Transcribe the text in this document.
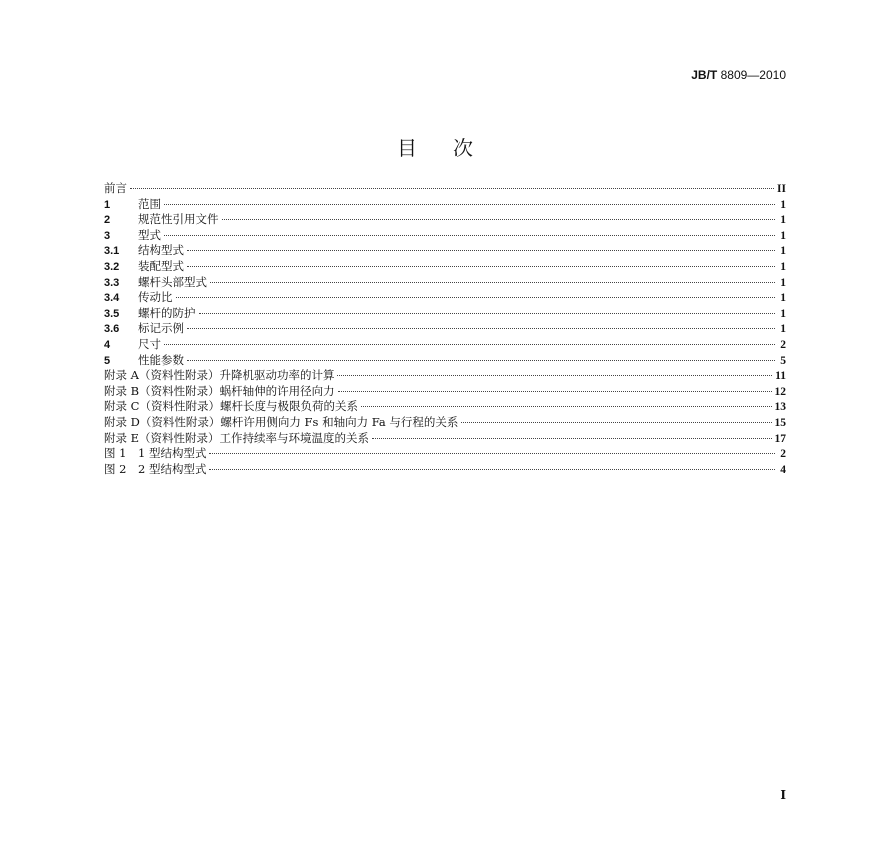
JB/T 8809—2010
目次
前言	II
1	范围	1
2	规范性引用文件	1
3	型式	1
3.1	结构型式	1
3.2	装配型式	1
3.3	螺杆头部型式	1
3.4	传动比	1
3.5	螺杆的防护	1
3.6	标记示例	1
4	尺寸	2
5	性能参数	5
附录 A（资料性附录）升降机驱动功率的计算	11
附录 B（资料性附录）蜗杆轴伸的许用径向力	12
附录 C（资料性附录）螺杆长度与极限负荷的关系	13
附录 D（资料性附录）螺杆许用侧向力 Fs 和轴向力 Fa 与行程的关系	15
附录 E（资料性附录）工作持续率与环境温度的关系	17
图 1　1 型结构型式	2
图 2　2 型结构型式	4
I
